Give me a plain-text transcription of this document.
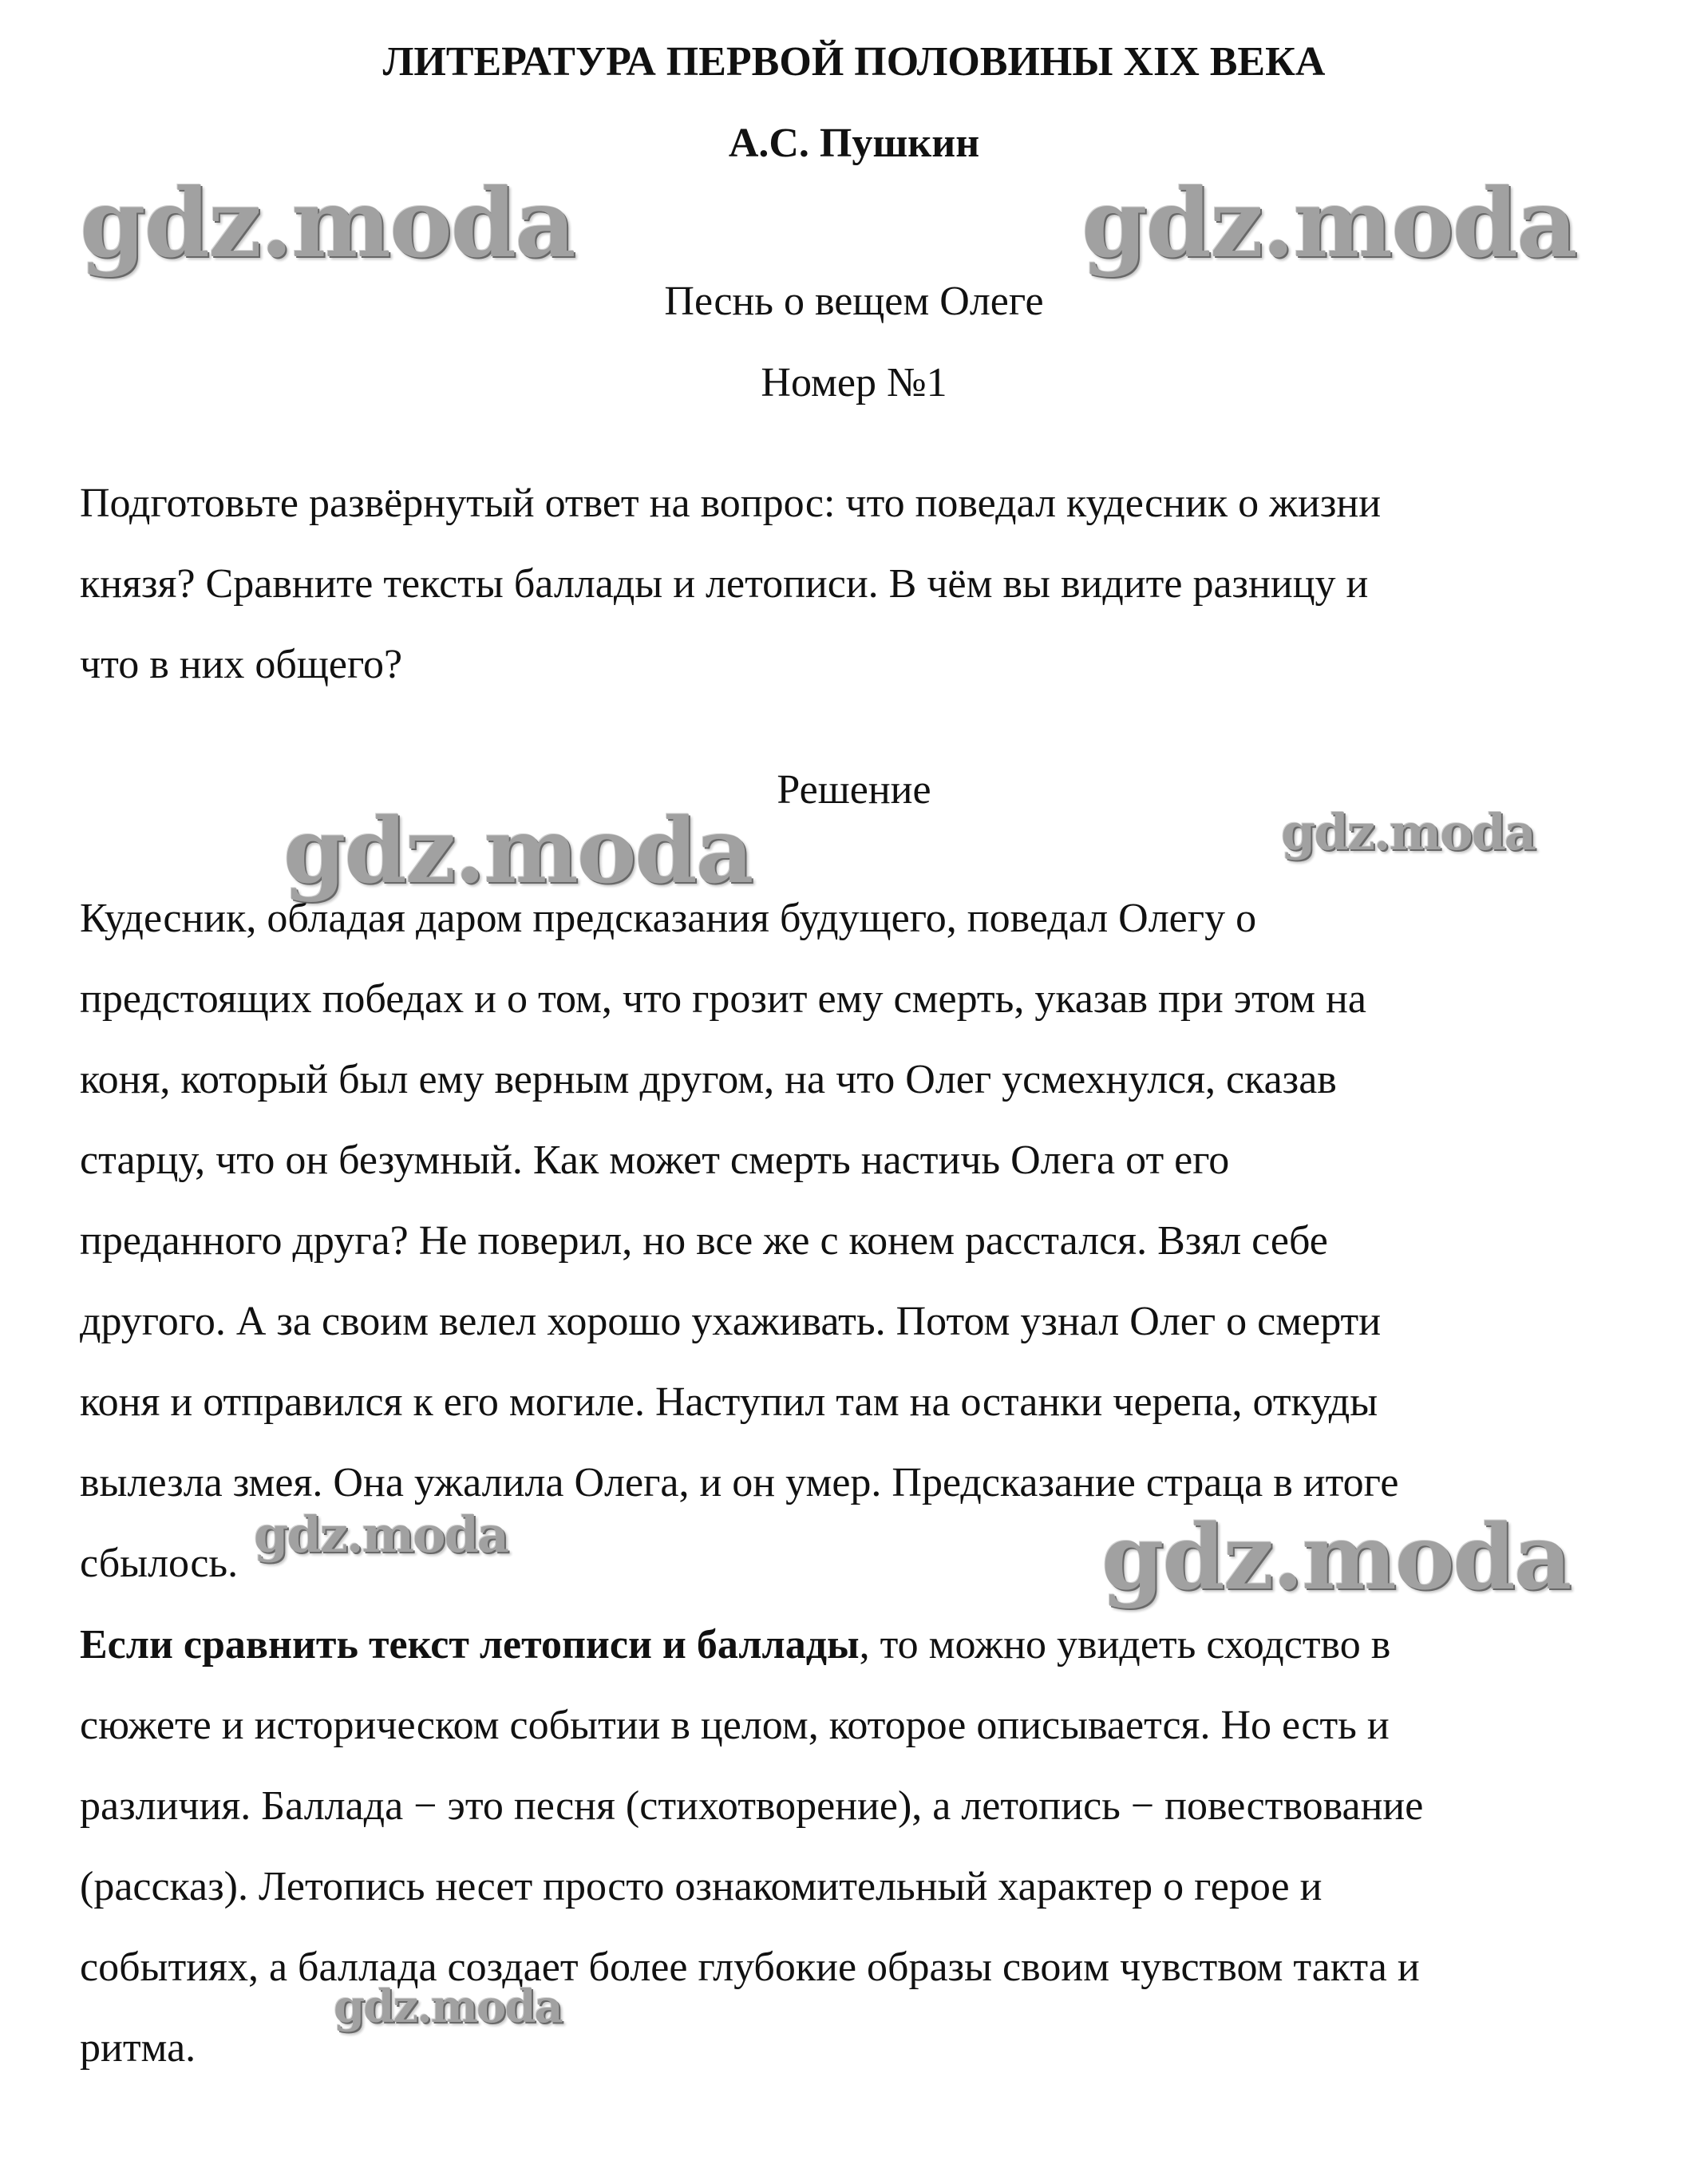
ЛИТЕРАТУРА ПЕРВОЙ ПОЛОВИНЫ XIX ВЕКА
А.С. Пушкин
Песнь о вещем Олеге
Номер №1
Подготовьте развёрнутый ответ на вопрос: что поведал кудесник о жизни
князя? Сравните тексты баллады и летописи. В чём вы видите разницу и
что в них общего?
Решение
Кудесник, обладая даром предсказания будущего, поведал Олегу о
предстоящих победах и о том, что грозит ему смерть, указав при этом на
коня, который был ему верным другом, на что Олег усмехнулся, сказав
старцу, что он безумный. Как может смерть настичь Олега от его
преданного друга? Не поверил, но все же с конем расстался. Взял себе
другого. А за своим велел хорошо ухаживать. Потом узнал Олег о смерти
коня и отправился к его могиле. Наступил там на останки черепа, откуды
вылезла змея. Она ужалила Олега, и он умер. Предсказание страца в итоге
сбылось.
Если сравнить текст летописи и баллады, то можно увидеть сходство в
сюжете и историческом событии в целом, которое описывается. Но есть и
различия. Баллада − это песня (стихотворение), а летопись − повествование
(рассказ). Летопись несет просто ознакомительный характер о герое и
событиях, а баллада создает более глубокие образы своим чувством такта и
ритма.
gdz.moda	gdz.moda
gdz.moda	gdz.moda
gdz.moda	gdz.moda
gdz.moda
